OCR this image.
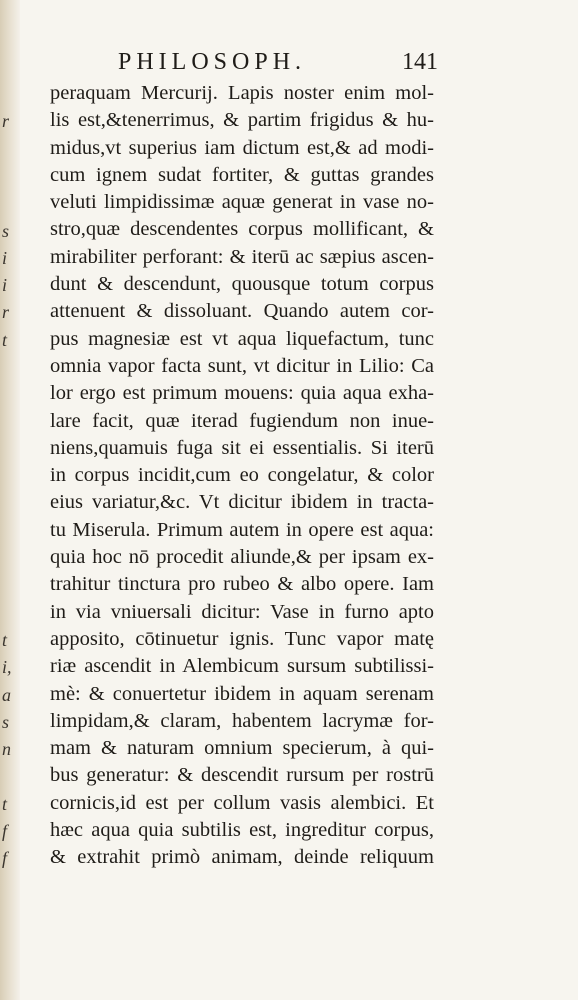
r
s
i
i
r
t
t
i,
a
s
n
t
f
f
PHILOSOPH.	141
peraquam Mercurij. Lapis noster enim mol-
lis est,&tenerrimus, & partim frigidus & hu-
midus,vt superius iam dictum est,& ad modi-
cum ignem sudat fortiter, & guttas grandes
veluti limpidissimæ aquæ generat in vase no-
stro,quæ descendentes corpus mollificant, &
mirabiliter perforant: & iterū ac sæpius ascen-
dunt & descendunt, quousque totum corpus
attenuent & dissoluant. Quando autem cor-
pus magnesiæ est vt aqua liquefactum, tunc
omnia vapor facta sunt, vt dicitur in Lilio: Ca
lor ergo est primum mouens: quia aqua exha-
lare facit, quæ iterad fugiendum non inue-
niens,quamuis fuga sit ei essentialis. Si iterū
in corpus incidit,cum eo congelatur, & color
eius variatur,&c. Vt dicitur ibidem in tracta-
tu Miserula. Primum autem in opere est aqua:
quia hoc nō procedit aliunde,& per ipsam ex-
trahitur tinctura pro rubeo & albo opere. Iam
in via vniuersali dicitur: Vase in furno apto
apposito, cōtinuetur ignis. Tunc vapor matę
riæ ascendit in Alembicum sursum subtilissi-
mè: & conuertetur ibidem in aquam serenam
limpidam,& claram, habentem lacrymæ for-
mam & naturam omnium specierum, à qui-
bus generatur: & descendit rursum per rostrū
cornicis,id est per collum vasis alembici. Et
hæc aqua quia subtilis est, ingreditur corpus,
& extrahit primò animam, deinde reliquum
